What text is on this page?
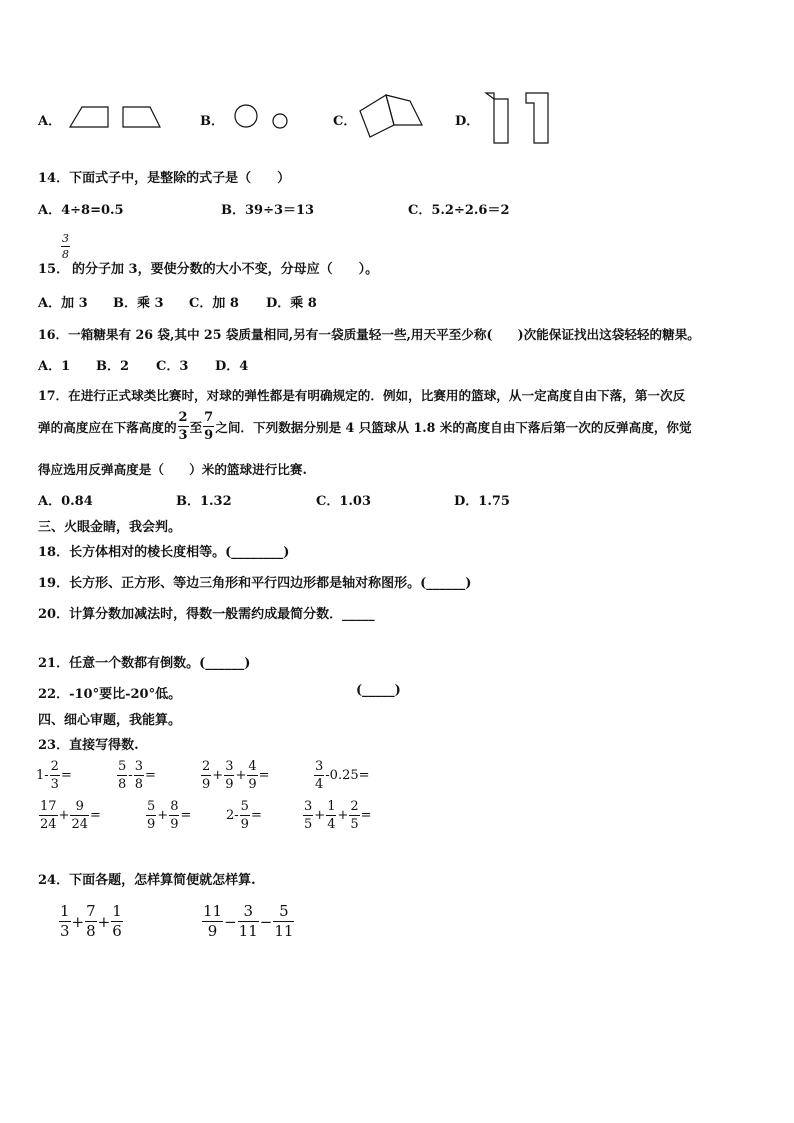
A．	B．	C．	D．
14．下面式子中，是整除的式子是（　　）
A．4÷8=0.5	B．39÷3＝13	C．5.2÷2.6＝2
15．
$\frac{3}{8}$
的分子加 3，要使分数的大小不变，分母应（　　）。
A．加 3 B．乘 3 C．加 8 D．乘 8
16．一箱糖果有 26 袋,其中 25 袋质量相同,另有一袋质量轻一些,用天平至少称(　　)次能保证找出这袋轻轻的糖果。
A．1 B．2 C．3 D．4
17．在进行正式球类比赛时，对球的弹性都是有明确规定的．例如，比赛用的篮球，从一定高度自由下落，第一次反
弹的高度应在下落高度的 $\frac{2}{3}$ 至 $\frac{7}{9}$ 之间．下列数据分别是 4 只篮球从 1.8 米的高度自由下落后第一次的反弹高度，你觉
得应选用反弹高度是（　　）米的篮球进行比赛.
A．0.84	B．1.32	C．1.03	D．1.75
三、火眼金睛，我会判。
18．长方体相对的棱长度相等。(________)
19．长方形、正方形、等边三角形和平行四边形都是轴对称图形。(______)
20．计算分数加减法时，得数一般需约成最简分数．_____
21．任意一个数都有倒数。(______)
22．-10°要比-20°低。	(_____)
四、细心审题，我能算。
23．直接写得数.
$1- \frac{2}{3}$ =	$\frac{5}{8} - \frac{3}{8}$ =	$\frac{2}{9} + \frac{3}{9} + \frac{4}{9}$ =	$\frac{3}{4} -0.25=$
$\frac{17}{24} + \frac{9}{24}$ =	$\frac{5}{9} + \frac{8}{9}$ =	$2- \frac{5}{9}$ =	$\frac{3}{5} + \frac{1}{4} + \frac{2}{5}$ =
24．下面各题，怎样算简便就怎样算.
$\frac{1}{3} + \frac{7}{8} + \frac{1}{6}$	$\frac{11}{9} - \frac{3}{11} - \frac{5}{11}$
